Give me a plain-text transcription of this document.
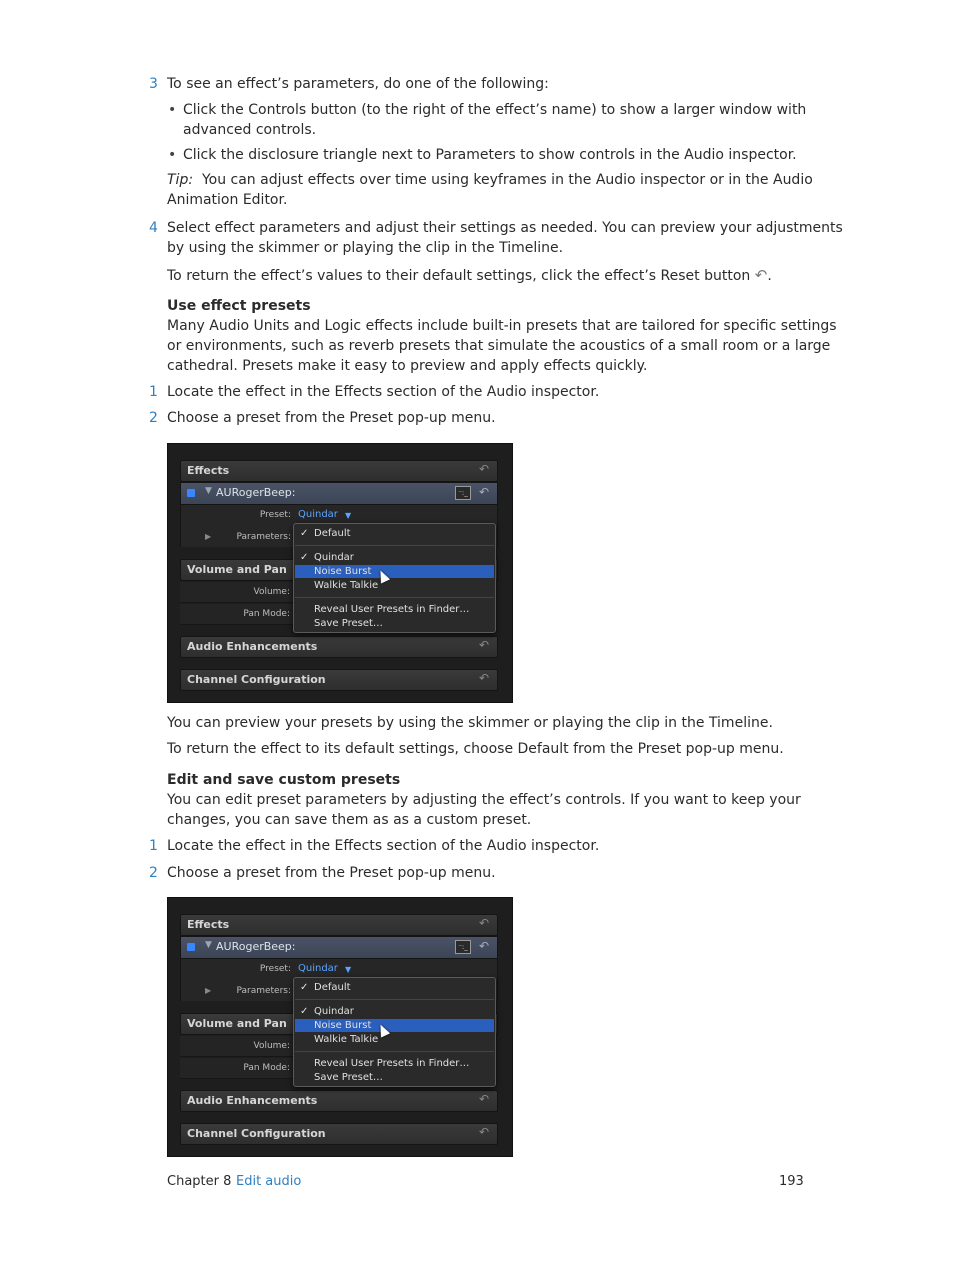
3 To see an effect’s parameters, do one of the following:
• Click the Controls button (to the right of the effect’s name) to show a larger window with
advanced controls.
• Click the disclosure triangle next to Parameters to show controls in the Audio inspector.
Tip: You can adjust effects over time using keyframes in the Audio inspector or in the Audio
Animation Editor.
4 Select effect parameters and adjust their settings as needed. You can preview your adjustments
by using the skimmer or playing the clip in the Timeline.
To return the effect’s values to their default settings, click the effect’s Reset button ↶.
Use effect presets
Many Audio Units and Logic effects include built-in presets that are tailored for specific settings
or environments, such as reverb presets that simulate the acoustics of a small room or a large
cathedral. Presets make it easy to preview and apply effects quickly.
1 Locate the effect in the Effects section of the Audio inspector.
2 Choose a preset from the Preset pop-up menu.
Effects	↶
▼ AURogerBeep:	⁻:_ ↶
Preset: Quindar ▼
▶	Parameters:
Volume and Pan
Volume:
Pan Mode:
Audio Enhancements	↶
Channel Configuration	↶
✓ Default
✓ Quindar
Noise Burst
Walkie Talkie
Reveal User Presets in Finder…
Save Preset…
You can preview your presets by using the skimmer or playing the clip in the Timeline.
To return the effect to its default settings, choose Default from the Preset pop-up menu.
Edit and save custom presets
You can edit preset parameters by adjusting the effect’s controls. If you want to keep your
changes, you can save them as as a custom preset.
1 Locate the effect in the Effects section of the Audio inspector.
2 Choose a preset from the Preset pop-up menu.
Effects	↶
▼ AURogerBeep:	⁻:_ ↶
Preset: Quindar ▼
▶	Parameters:
Volume and Pan
Volume:
Pan Mode:
Audio Enhancements	↶
Channel Configuration	↶
✓ Default
✓ Quindar
Noise Burst
Walkie Talkie
Reveal User Presets in Finder…
Save Preset…
Chapter 8 Edit audio	193
